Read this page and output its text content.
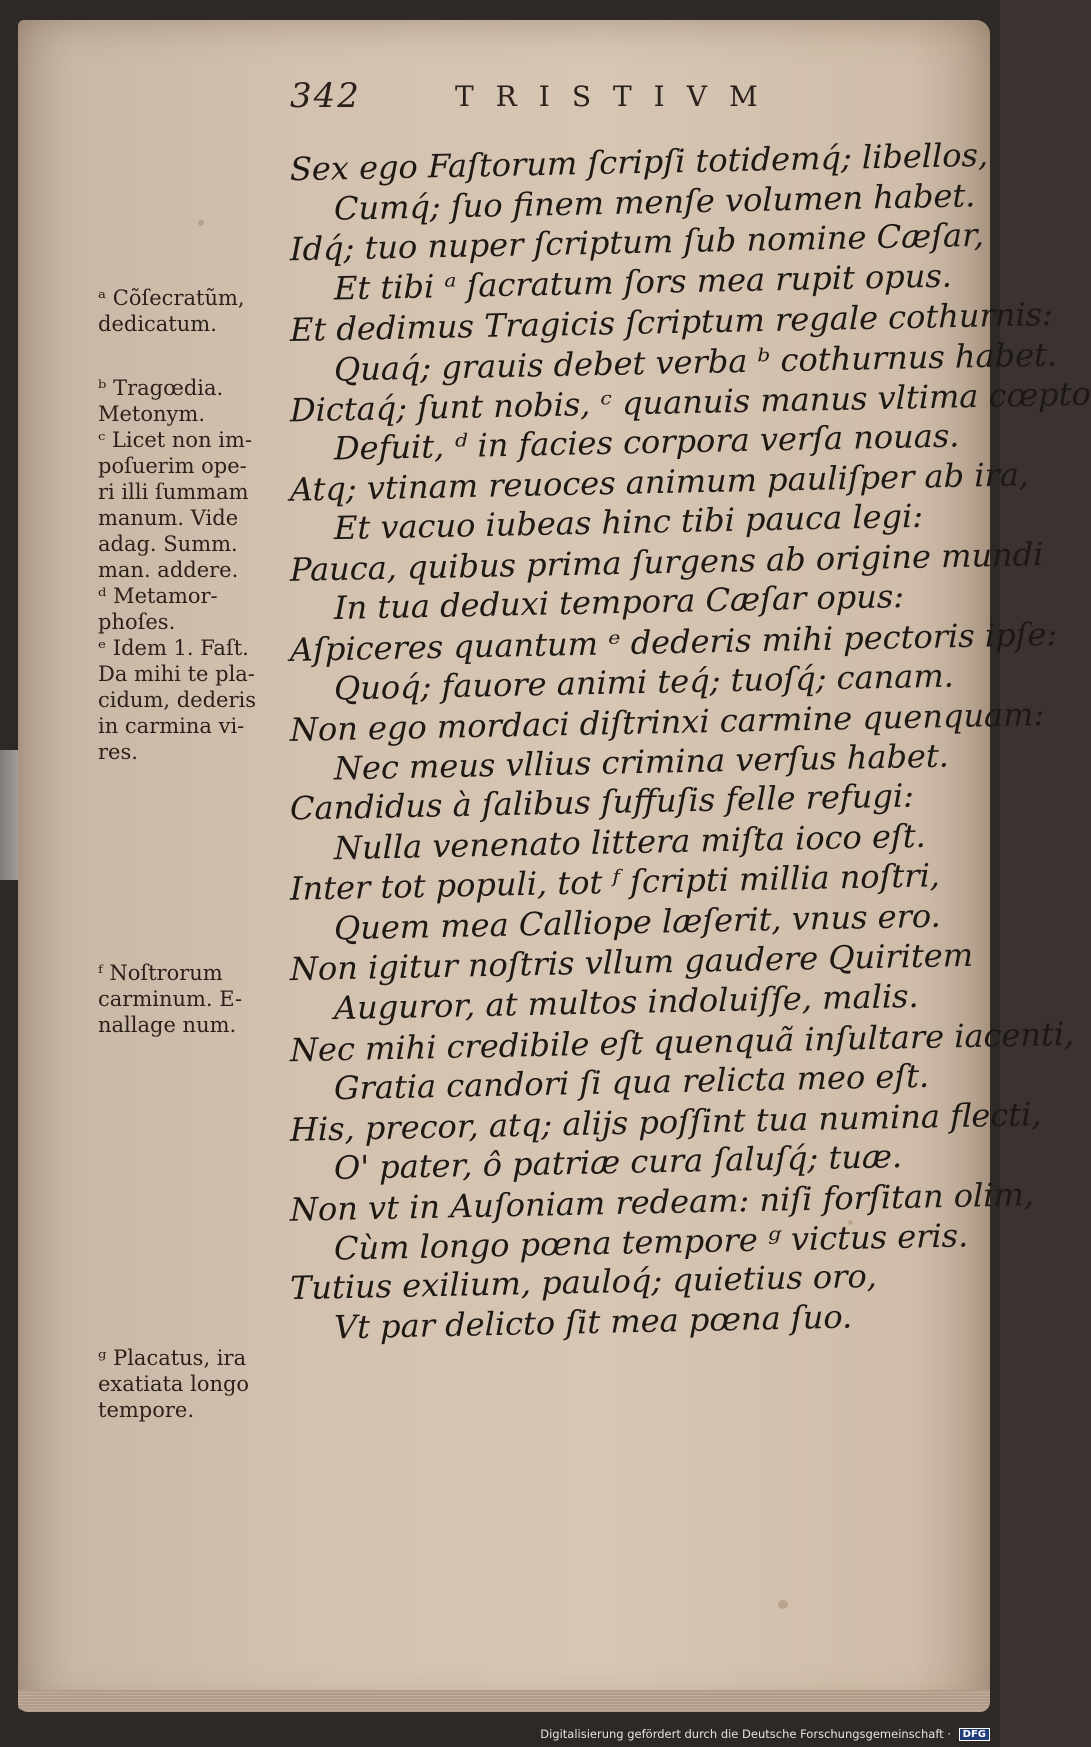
342	TRISTIVM
Sex ego Faſtorum ſcripſi totidemq́; libellos,
Cumq́; ſuo finem menſe volumen habet.
Idq́; tuo nuper ſcriptum ſub nomine Cæſar,
Et tibi ᵃ ſacratum ſors mea rupit opus.
Et dedimus Tragicis ſcriptum regale cothurnis:
Quaq́; grauis debet verba ᵇ cothurnus habet.
Dictaq́; ſunt nobis, ᶜ quanuis manus vltima cœpto
Defuit, ᵈ in facies corpora verſa nouas.
Atq; vtinam reuoces animum pauliſper ab ira,
Et vacuo iubeas hinc tibi pauca legi:
Pauca, quibus prima ſurgens ab origine mundi
In tua deduxi tempora Cæſar opus:
Aſpiceres quantum ᵉ dederis mihi pectoris ipſe:
Quoq́; fauore animi teq́; tuoſq́; canam.
Non ego mordaci diſtrinxi carmine quenquam:
Nec meus vllius crimina verſus habet.
Candidus à ſalibus ſuffuſis felle refugi:
Nulla venenato littera miſta ioco eſt.
Inter tot populi, tot ᶠ ſcripti millia noſtri,
Quem mea Calliope læſerit, vnus ero.
Non igitur noſtris vllum gaudere Quiritem
Auguror, at multos indoluiſſe, malis.
Nec mihi credibile eſt quenquã inſultare iacenti,
Gratia candori ſi qua relicta meo eſt.
His, precor, atq; alijs poſſint tua numina flecti,
O' pater, ô patriæ cura ſaluſq́; tuæ.
Non vt in Auſoniam redeam: niſi forſitan olim,
Cùm longo pœna tempore ᵍ victus eris.
Tutius exilium, pauloq́; quietius oro,
Vt par delicto ſit mea pœna ſuo.
ᵃ Cõſecratũm,
dedicatum.
ᵇ Tragœdia.
Metonym.
ᶜ Licet non im-
poſuerim ope-
ri illi ſummam
manum. Vide
adag. Summ.
man. addere.
ᵈ Metamor-
phoſes.
ᵉ Idem 1. Faſt.
Da mihi te pla-
cidum, dederis
in carmina vi-
res.
ᶠ Noſtrorum
carminum. E-
nallage num.
ᵍ Placatus, ira
exatiata longo
tempore.
Digitalisierung gefördert durch die Deutsche Forschungsgemeinschaft · DFG
